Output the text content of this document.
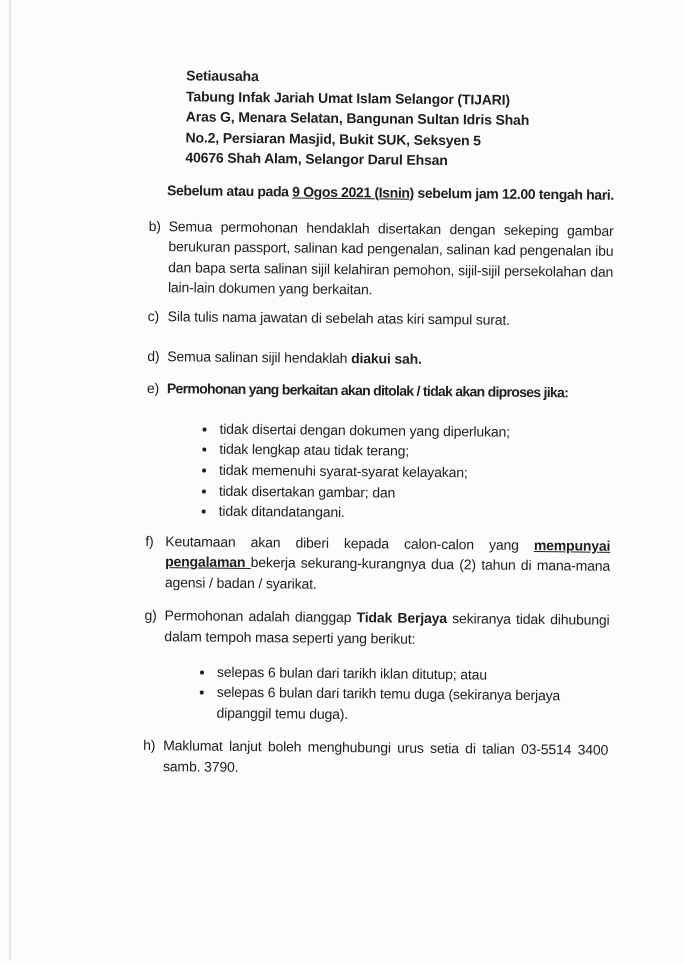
Setiausaha
Tabung Infak Jariah Umat Islam Selangor (TIJARI)
Aras G, Menara Selatan, Bangunan Sultan Idris Shah
No.2, Persiaran Masjid, Bukit SUK, Seksyen 5
40676 Shah Alam, Selangor Darul Ehsan
Sebelum atau pada 9 Ogos 2021 (Isnin) sebelum jam 12.00 tengah hari.
b) Semua permohonan hendaklah disertakan dengan sekeping gambar berukuran passport, salinan kad pengenalan, salinan kad pengenalan ibu dan bapa serta salinan sijil kelahiran pemohon, sijil-sijil persekolahan dan lain-lain dokumen yang berkaitan.
c) Sila tulis nama jawatan di sebelah atas kiri sampul surat.
d) Semua salinan sijil hendaklah diakui sah.
e) Permohonan yang berkaitan akan ditolak / tidak akan diproses jika:
• tidak disertai dengan dokumen yang diperlukan;
• tidak lengkap atau tidak terang;
• tidak memenuhi syarat-syarat kelayakan;
• tidak disertakan gambar; dan
• tidak ditandatangani.
f) Keutamaan akan diberi kepada calon-calon yang mempunyai pengalaman bekerja sekurang-kurangnya dua (2) tahun di mana-mana agensi / badan / syarikat.
g) Permohonan adalah dianggap Tidak Berjaya sekiranya tidak dihubungi dalam tempoh masa seperti yang berikut:
• selepas 6 bulan dari tarikh iklan ditutup; atau
• selepas 6 bulan dari tarikh temu duga (sekiranya berjaya dipanggil temu duga).
h) Maklumat lanjut boleh menghubungi urus setia di talian 03-5514 3400 samb. 3790.
